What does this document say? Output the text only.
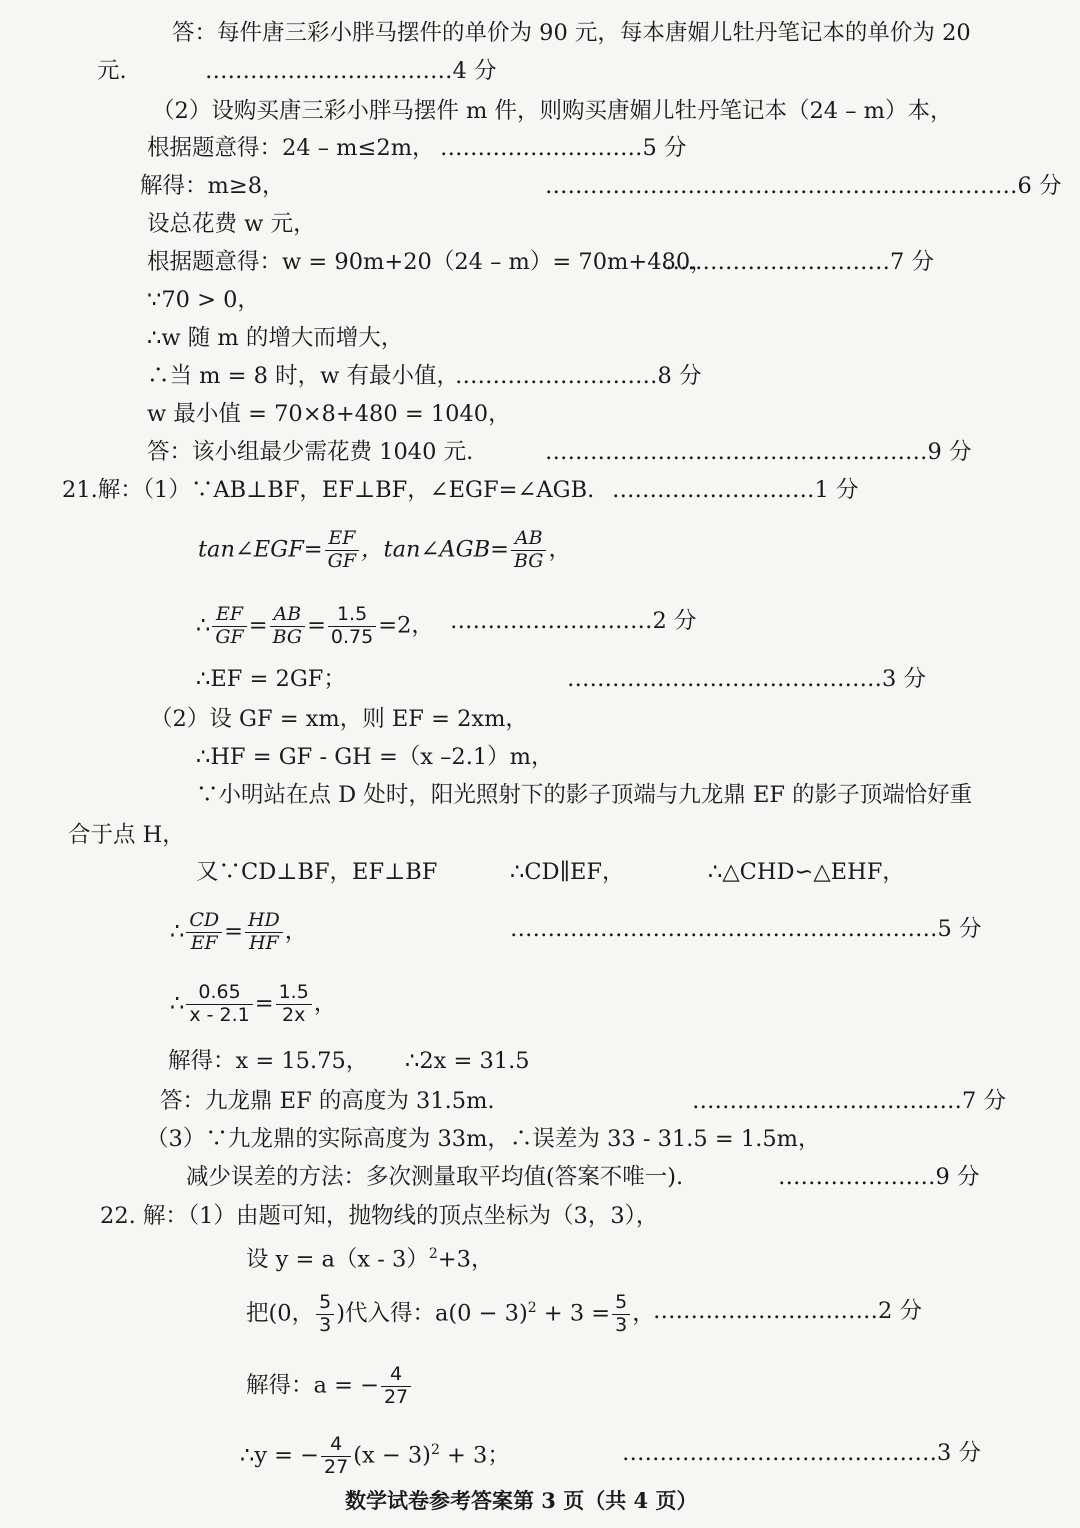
答：每件唐三彩小胖马摆件的单价为 90 元，每本唐媚儿牡丹笔记本的单价为 20
元.	……………………………4 分
（2）设购买唐三彩小胖马摆件 m 件，则购买唐媚儿牡丹笔记本（24 – m）本，
根据题意得：24 – m≤2m， ………………………5 分
解得：m≥8，	………………………………………………………6 分
设总花费 w 元，
根据题意得：w = 90m+20（24 – m）= 70m+480，
…………………………7 分
∵70 > 0，
∴w 随 m 的增大而增大，
∴当 m = 8 时，w 有最小值，
………………………8 分
w 最小值 = 70×8+480 = 1040，
答：该小组最少需花费 1040 元.	……………………………………………9 分
21.解：（1）∵AB⊥BF，EF⊥BF，∠EGF=∠AGB. ………………………1 分
tan∠EGF= $\frac{EF}{GF}$ ，tan∠AGB= $\frac{AB}{BG}$ ，
∴ $\frac{EF}{GF} = \frac{AB}{BG} = \frac{1.5}{0.75} =2$， ………………………2 分
∴EF = 2GF；	……………………………………3 分
（2）设 GF = xm，则 EF = 2xm，
∴HF = GF - GH =（x –2.1）m，
∵小明站在点 D 处时，阳光照射下的影子顶端与九龙鼎 EF 的影子顶端恰好重
合于点 H，
又∵CD⊥BF，EF⊥BF	∴CD∥EF，	∴△CHD∽△EHF，
∴ $\frac{CD}{EF} = \frac{HD}{HF}$ ，	…………………………………………………5 分
∴ $\frac{0.65}{x - 2.1} = \frac{1.5}{2x}$ ，
解得：x = 15.75， ∴2x = 31.5
答：九龙鼎 EF 的高度为 31.5m.	………………………………7 分
（3）∵九龙鼎的实际高度为 33m，∴误差为 33 - 31.5 = 1.5m，
减少误差的方法：多次测量取平均值(答案不唯一).	…………………9 分
22. 解：（1）由题可知，抛物线的顶点坐标为（3，3），
设 y = a（x - 3）$^2$+3，
把(0， $\frac{5}{3}$ )代入得：$a(0 - 3)^2 + 3 = \frac{5}{3}$ ，
…………………………2 分
解得：a = − $\frac{4}{27}$
∴y = − $\frac{4}{27} (x - 3)^2 + 3$；	……………………………………3 分
数学试卷参考答案第 3 页（共 4 页）
